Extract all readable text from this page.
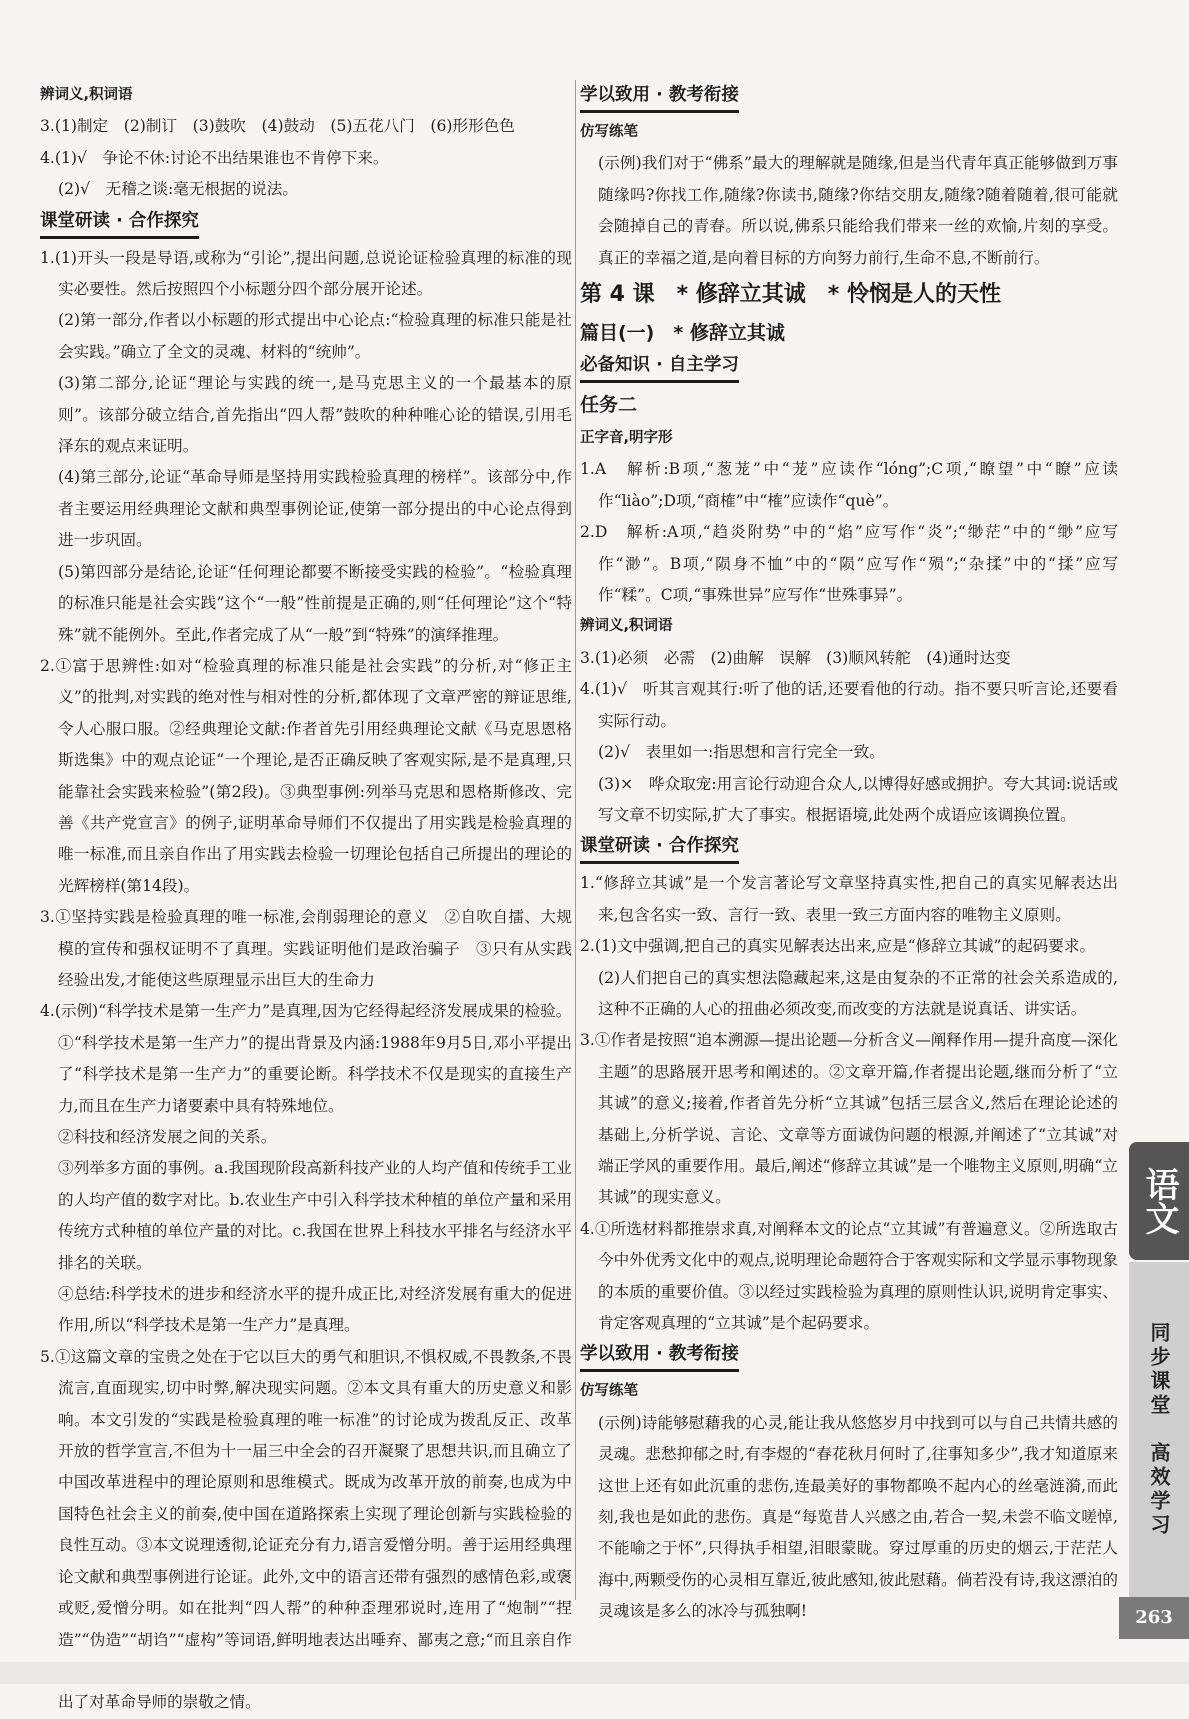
辨词义,积词语

3.(1)制定　(2)制订　(3)鼓吹　(4)鼓动　(5)五花八门　(6)形形色色

4.(1)√　争论不休:讨论不出结果谁也不肯停下来。

(2)√　无稽之谈:毫无根据的说法。

课堂研读 · 合作探究

1.(1)开头一段是导语,或称为“引论”,提出问题,总说论证检验真理的标准的现实必要性。然后按照四个小标题分四个部分展开论述。

(2)第一部分,作者以小标题的形式提出中心论点:“检验真理的标准只能是社会实践。”确立了全文的灵魂、材料的“统帅”。

(3)第二部分,论证“理论与实践的统一,是马克思主义的一个最基本的原则”。该部分破立结合,首先指出“四人帮”鼓吹的种种唯心论的错误,引用毛泽东的观点来证明。

(4)第三部分,论证“革命导师是坚持用实践检验真理的榜样”。该部分中,作者主要运用经典理论文献和典型事例论证,使第一部分提出的中心论点得到进一步巩固。

(5)第四部分是结论,论证“任何理论都要不断接受实践的检验”。“检验真理的标准只能是社会实践”这个“一般”性前提是正确的,则“任何理论”这个“特殊”就不能例外。至此,作者完成了从“一般”到“特殊”的演绎推理。

2.①富于思辨性:如对“检验真理的标准只能是社会实践”的分析,对“修正主义”的批判,对实践的绝对性与相对性的分析,都体现了文章严密的辩证思维,令人心服口服。②经典理论文献:作者首先引用经典理论文献《马克思恩格斯选集》中的观点论证“一个理论,是否正确反映了客观实际,是不是真理,只能靠社会实践来检验”(第2段)。③典型事例:列举马克思和恩格斯修改、完善《共产党宣言》的例子,证明革命导师们不仅提出了用实践是检验真理的唯一标准,而且亲自作出了用实践去检验一切理论包括自己所提出的理论的光辉榜样(第14段)。

3.①坚持实践是检验真理的唯一标准,会削弱理论的意义　②自吹自擂、大规模的宣传和强权证明不了真理。实践证明他们是政治骗子　③只有从实践经验出发,才能使这些原理显示出巨大的生命力

4.(示例)“科学技术是第一生产力”是真理,因为它经得起经济发展成果的检验。

①“科学技术是第一生产力”的提出背景及内涵:1988年9月5日,邓小平提出了“科学技术是第一生产力”的重要论断。科学技术不仅是现实的直接生产力,而且在生产力诸要素中具有特殊地位。

②科技和经济发展之间的关系。

③列举多方面的事例。a.我国现阶段高新科技产业的人均产值和传统手工业的人均产值的数字对比。b.农业生产中引入科学技术种植的单位产量和采用传统方式种植的单位产量的对比。c.我国在世界上科技水平排名与经济水平排名的关联。

④总结:科学技术的进步和经济水平的提升成正比,对经济发展有重大的促进作用,所以“科学技术是第一生产力”是真理。

5.①这篇文章的宝贵之处在于它以巨大的勇气和胆识,不惧权威,不畏教条,不畏流言,直面现实,切中时弊,解决现实问题。②本文具有重大的历史意义和影响。本文引发的“实践是检验真理的唯一标准”的讨论成为拨乱反正、改革开放的哲学宣言,不但为十一届三中全会的召开凝聚了思想共识,而且确立了中国改革进程中的理论原则和思维模式。既成为改革开放的前奏,也成为中国特色社会主义的前奏,使中国在道路探索上实现了理论创新与实践检验的良性互动。③本文说理透彻,论证充分有力,语言爱憎分明。善于运用经典理论文献和典型事例进行论证。此外,文中的语言还带有强烈的感情色彩,或褒或贬,爱憎分明。如在批判“四人帮”的种种歪理邪说时,连用了“炮制”“捏造”“伪造”“胡诌”“虚构”等词语,鲜明地表达出唾弃、鄙夷之意;“而且亲自作 出了对革命导师的崇敬之情。

学以致用 · 教考衔接

仿写练笔

(示例)我们对于“佛系”最大的理解就是随缘,但是当代青年真正能够做到万事随缘吗?你找工作,随缘?你读书,随缘?你结交朋友,随缘?随着随着,很可能就会随掉自己的青春。所以说,佛系只能给我们带来一丝的欢愉,片刻的享受。真正的幸福之道,是向着目标的方向努力前行,生命不息,不断前行。

第 4 课　* 修辞立其诚　* 怜悯是人的天性

篇目(一)　* 修辞立其诚

必备知识 · 自主学习

任务二

正字音,明字形

1.A　解析:B项,“葱茏”中“茏”应读作“lóng”;C项,“瞭望”中“瞭”应读作“liào”;D项,“商榷”中“榷”应读作“què”。

2.D　解析:A项,“趋炎附势”中的“焰”应写作“炎”;“缈茫”中的“缈”应写作“渺”。B项,“陨身不恤”中的“陨”应写作“殒”;“杂揉”中的“揉”应写作“糅”。C项,“事殊世异”应写作“世殊事异”。

辨词义,积词语

3.(1)必须　必需　(2)曲解　误解　(3)顺风转舵　(4)通时达变

4.(1)√　听其言观其行:听了他的话,还要看他的行动。指不要只听言论,还要看实际行动。

(2)√　表里如一:指思想和言行完全一致。

(3)×　哗众取宠:用言论行动迎合众人,以博得好感或拥护。夸大其词:说话或写文章不切实际,扩大了事实。根据语境,此处两个成语应该调换位置。

课堂研读 · 合作探究

1.“修辞立其诚”是一个发言著论写文章坚持真实性,把自己的真实见解表达出来,包含名实一致、言行一致、表里一致三方面内容的唯物主义原则。

2.(1)文中强调,把自己的真实见解表达出来,应是“修辞立其诚”的起码要求。

(2)人们把自己的真实想法隐藏起来,这是由复杂的不正常的社会关系造成的,这种不正确的人心的扭曲必须改变,而改变的方法就是说真话、讲实话。

3.①作者是按照“追本溯源—提出论题—分析含义—阐释作用—提升高度—深化主题”的思路展开思考和阐述的。②文章开篇,作者提出论题,继而分析了“立其诚”的意义;接着,作者首先分析“立其诚”包括三层含义,然后在理论论述的基础上,分析学说、言论、文章等方面诚伪问题的根源,并阐述了“立其诚”对端正学风的重要作用。最后,阐述“修辞立其诚”是一个唯物主义原则,明确“立其诚”的现实意义。

4.①所选材料都推崇求真,对阐释本文的论点“立其诚”有普遍意义。②所选取古今中外优秀文化中的观点,说明理论命题符合于客观实际和文学显示事物现象的本质的重要价值。③以经过实践检验为真理的原则性认识,说明肯定事实、肯定客观真理的“立其诚”是个起码要求。

学以致用 · 教考衔接

仿写练笔

(示例)诗能够慰藉我的心灵,能让我从悠悠岁月中找到可以与自己共情共感的灵魂。悲愁抑郁之时,有李煜的“春花秋月何时了,往事知多少”,我才知道原来这世上还有如此沉重的悲伤,连最美好的事物都唤不起内心的丝毫涟漪,而此刻,我也是如此的悲伤。真是“每览昔人兴感之由,若合一契,未尝不临文嗟悼,不能喻之于怀”,只得执手相望,泪眼蒙眬。穿过厚重的历史的烟云,于茫茫人海中,两颗受伤的心灵相互靠近,彼此感知,彼此慰藉。倘若没有诗,我这漂泊的灵魂该是多么的冰冷与孤独啊!

语文
同步课堂　高效学习
263
